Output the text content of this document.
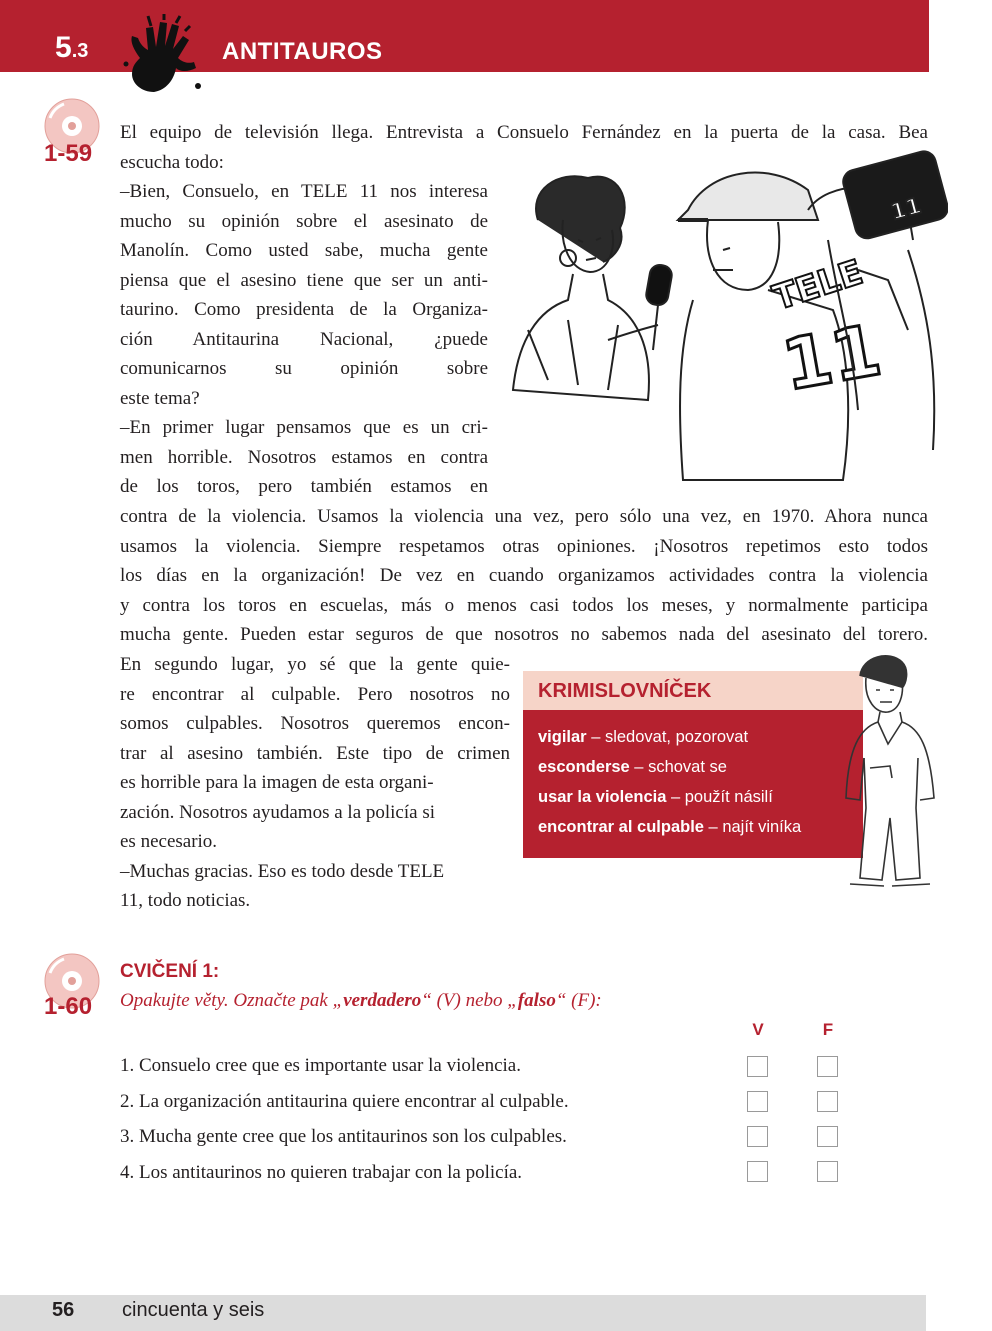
5.3	ANTITAUROS
1-59
El equipo de televisión llega. Entrevista a Consuelo Fernández en la puerta de la casa. Bea
escucha todo:
–Bien, Consuelo, en TELE 11 nos interesa
mucho su opinión sobre el asesinato de
Manolín. Como usted sabe, mucha gente
piensa que el asesino tiene que ser un anti-
taurino. Como presidenta de la Organiza-
ción Antitaurina Nacional, ¿puede
comunicarnos su opinión sobre
este tema?
–En primer lugar pensamos que es un cri-
men horrible. Nosotros estamos en contra
de los toros, pero también estamos en
TELE
11
11
contra de la violencia. Usamos la violencia una vez, pero sólo una vez, en 1970. Ahora nunca
usamos la violencia. Siempre respetamos otras opiniones. ¡Nosotros repetimos esto todos
los días en la organización! De vez en cuando organizamos actividades contra la violencia
y contra los toros en escuelas, más o menos casi todos los meses, y normalmente participa
mucha gente. Pueden estar seguros de que nosotros no sabemos nada del asesinato del torero.
En segundo lugar, yo sé que la gente quie-
re encontrar al culpable. Pero nosotros no
somos culpables. Nosotros queremos encon-
trar al asesino también. Este tipo de crimen
es horrible para la imagen de esta organi-
zación. Nosotros ayudamos a la policía si
es necesario.
–Muchas gracias. Eso es todo desde TELE
11, todo noticias.
KRIMISLOVNÍČEK
vigilar – sledovat, pozorovat
esconderse – schovat se
usar la violencia – použít násilí
encontrar al culpable – najít viníka
1-60
CVIČENÍ 1:
Opakujte věty. Označte pak „verdadero“ (V) nebo „falso“ (F):
V	F
1. Consuelo cree que es importante usar la violencia.
2. La organización antitaurina quiere encontrar al culpable.
3. Mucha gente cree que los antitaurinos son los culpables.
4. Los antitaurinos no quieren trabajar con la policía.
56 cincuenta y seis
